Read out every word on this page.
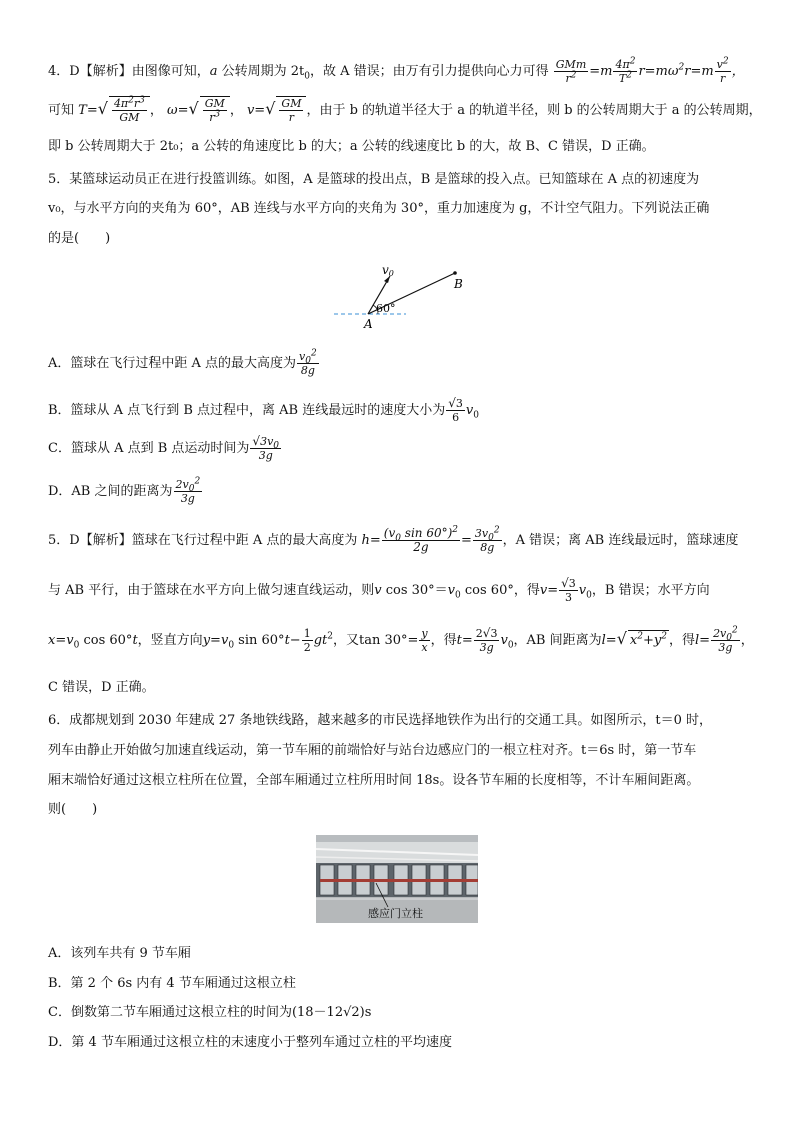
4．D【解析】由图像可知，a 公转周期为 $2t_0$，故 A 错误；由万有引力提供向心力可得 $\frac{\text{GMm}}{r^2} =m \frac{4\pi^2}{T^2} r=m\omega^2r=m \frac{v^2}{r}$ ，
可知 $T=√ \frac{4\pi^2r^3}{GM}$ ， $\omega=√ \frac{GM}{r^3}$ ， $v=√ \frac{GM}{r}$ ，由于 b 的轨道半径大于 a 的轨道半径，则 b 的公转周期大于 a 的公转周期，
即 b 公转周期大于 2t₀；a 公转的角速度比 b 的大；a 公转的线速度比 b 的大，故 B、C 错误，D 正确。
5．某篮球运动员正在进行投篮训练。如图，A 是篮球的投出点，B 是篮球的投入点。已知篮球在 A 点的初速度为
v₀，与水平方向的夹角为 60°，AB 连线与水平方向的夹角为 30°，重力加速度为 g，不计空气阻力。下列说法正确
的是(　　)
v0
B
60°
A
A．篮球在飞行过程中距 A 点的最大高度为 $\frac{v_0^2}{8g}$
B．篮球从 A 点飞行到 B 点过程中，离 AB 连线最远时的速度大小为 $\frac{√3}{6} v_0$
C．篮球从 A 点到 B 点运动时间为 $\frac{√3v_0}{3g}$
D．AB 之间的距离为 $\frac{2v_0^2}{3g}$
5．D【解析】篮球在飞行过程中距 A 点的最大高度为 $h= \frac{(v_0 \sin 60^\circ)^2}{2g} = \frac{3v_0^2}{8g}$ ，A 错误；离 AB 连线最远时，篮球速度
与 AB 平行，由于篮球在水平方向上做匀速直线运动，则v $\cos 30^\circ=v_0$ cos 60°，得$v= \frac{√3}{3} v_0$，B 错误；水平方向
$x=v_0$ cos 60°t，竖直方向$y=v_0$ $\sin 60^\circ t- \frac{1}{2} gt^2$，又$\tan 30^\circ= \frac{y}{x}$ ，得$t= \frac{2√3}{3g} v_0$，AB 间距离为l=√ $x^2+y^2$ ，得$l= \frac{2v_0^2}{3g}$ ，
C 错误，D 正确。
6．成都规划到 2030 年建成 27 条地铁线路，越来越多的市民选择地铁作为出行的交通工具。如图所示，t＝0 时，
列车由静止开始做匀加速直线运动，第一节车厢的前端恰好与站台边感应门的一根立柱对齐。t＝6s 时，第一节车
厢末端恰好通过这根立柱所在位置，全部车厢通过立柱所用时间 18s。设各节车厢的长度相等，不计车厢间距离。
则(　　)
感应门立柱
A．该列车共有 9 节车厢
B．第 2 个 6s 内有 4 节车厢通过这根立柱
C．倒数第二节车厢通过这根立柱的时间为(18－12√2)s
D．第 4 节车厢通过这根立柱的末速度小于整列车通过立柱的平均速度
